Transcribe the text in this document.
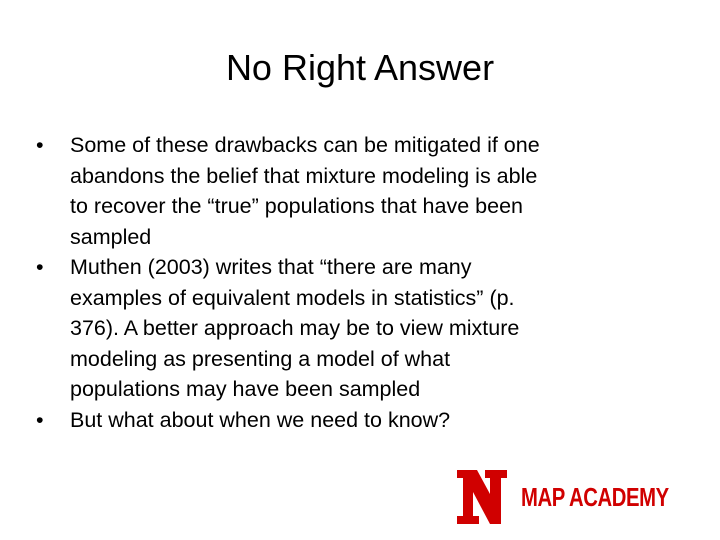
No Right Answer
•	Some of these drawbacks can be mitigated if one
abandons the belief that mixture modeling is able
to recover the “true” populations that have been
sampled
•	Muthen (2003) writes that “there are many
examples of equivalent models in statistics” (p.
376). A better approach may be to view mixture
modeling as presenting a model of what
populations may have been sampled
•	But what about when we need to know?
MAP ACADEMY
